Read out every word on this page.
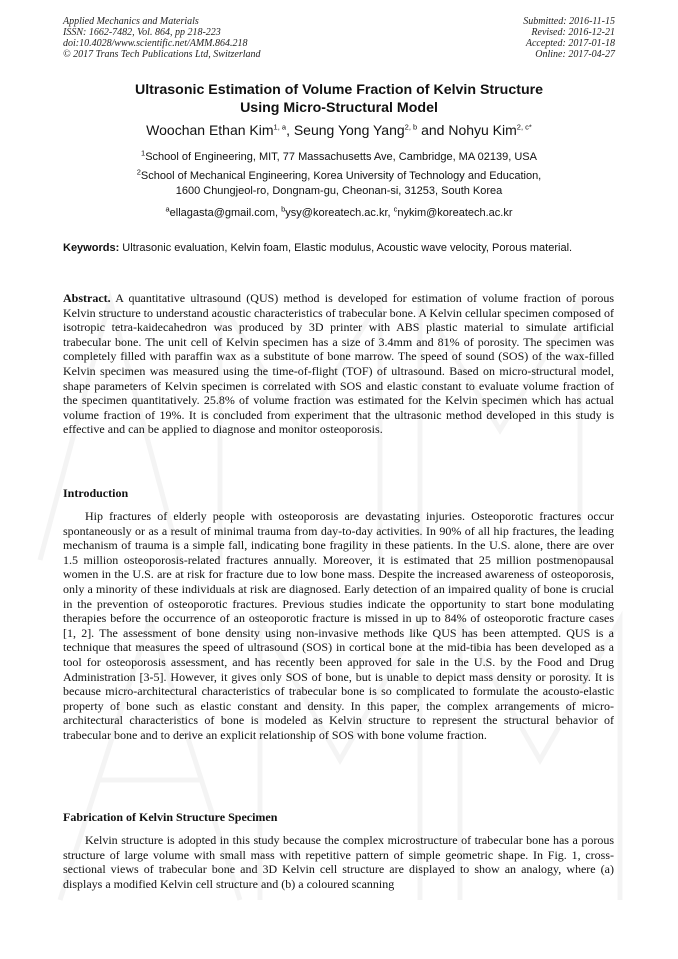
Applied Mechanics and Materials
ISSN: 1662-7482, Vol. 864, pp 218-223
doi:10.4028/www.scientific.net/AMM.864.218
© 2017 Trans Tech Publications Ltd, Switzerland
Submitted: 2016-11-15
Revised: 2016-12-21
Accepted: 2017-01-18
Online: 2017-04-27
Ultrasonic Estimation of Volume Fraction of Kelvin Structure
Using Micro-Structural Model
Woochan Ethan Kim$^{1, a}$, Seung Yong Yang$^{2, b}$ and Nohyu Kim$^{2, c*}$
$^1$School of Engineering, MIT, 77 Massachusetts Ave, Cambridge, MA 02139, USA
$^2$School of Mechanical Engineering, Korea University of Technology and Education,
1600 Chungjeol-ro, Dongnam-gu, Cheonan-si, 31253, South Korea
$^a$ellagasta@gmail.com, $^b$ysy@koreatech.ac.kr, $^c$nykim@koreatech.ac.kr
Keywords: Ultrasonic evaluation, Kelvin foam, Elastic modulus, Acoustic wave velocity, Porous material.
Abstract. A quantitative ultrasound (QUS) method is developed for estimation of volume fraction of porous Kelvin structure to understand acoustic characteristics of trabecular bone. A Kelvin cellular specimen composed of isotropic tetra-kaidecahedron was produced by 3D printer with ABS plastic material to simulate artificial trabecular bone. The unit cell of Kelvin specimen has a size of 3.4mm and 81% of porosity. The specimen was completely filled with paraffin wax as a substitute of bone marrow. The speed of sound (SOS) of the wax-filled Kelvin specimen was measured using the time-of-flight (TOF) of ultrasound. Based on micro-structural model, shape parameters of Kelvin specimen is correlated with SOS and elastic constant to evaluate volume fraction of the specimen quantitatively. 25.8% of volume fraction was estimated for the Kelvin specimen which has actual volume fraction of 19%. It is concluded from experiment that the ultrasonic method developed in this study is effective and can be applied to diagnose and monitor osteoporosis.
Introduction
Hip fractures of elderly people with osteoporosis are devastating injuries. Osteoporotic fractures occur spontaneously or as a result of minimal trauma from day-to-day activities. In 90% of all hip fractures, the leading mechanism of trauma is a simple fall, indicating bone fragility in these patients. In the U.S. alone, there are over 1.5 million osteoporosis-related fractures annually. Moreover, it is estimated that 25 million postmenopausal women in the U.S. are at risk for fracture due to low bone mass. Despite the increased awareness of osteoporosis, only a minority of these individuals at risk are diagnosed. Early detection of an impaired quality of bone is crucial in the prevention of osteoporotic fractures. Previous studies indicate the opportunity to start bone modulating therapies before the occurrence of an osteoporotic fracture is missed in up to 84% of osteoporotic fracture cases [1, 2]. The assessment of bone density using non-invasive methods like QUS has been attempted. QUS is a technique that measures the speed of ultrasound (SOS) in cortical bone at the mid-tibia has been developed as a tool for osteoporosis assessment, and has recently been approved for sale in the U.S. by the Food and Drug Administration [3-5]. However, it gives only SOS of bone, but is unable to depict mass density or porosity. It is because micro-architectural characteristics of trabecular bone is so complicated to formulate the acousto-elastic property of bone such as elastic constant and density. In this paper, the complex arrangements of micro-architectural characteristics of bone is modeled as Kelvin structure to represent the structural behavior of trabecular bone and to derive an explicit relationship of SOS with bone volume fraction.
Fabrication of Kelvin Structure Specimen
Kelvin structure is adopted in this study because the complex microstructure of trabecular bone has a porous structure of large volume with small mass with repetitive pattern of simple geometric shape. In Fig. 1, cross-sectional views of trabecular bone and 3D Kelvin cell structure are displayed to show an analogy, where (a) displays a modified Kelvin cell structure and (b) a coloured scanning
